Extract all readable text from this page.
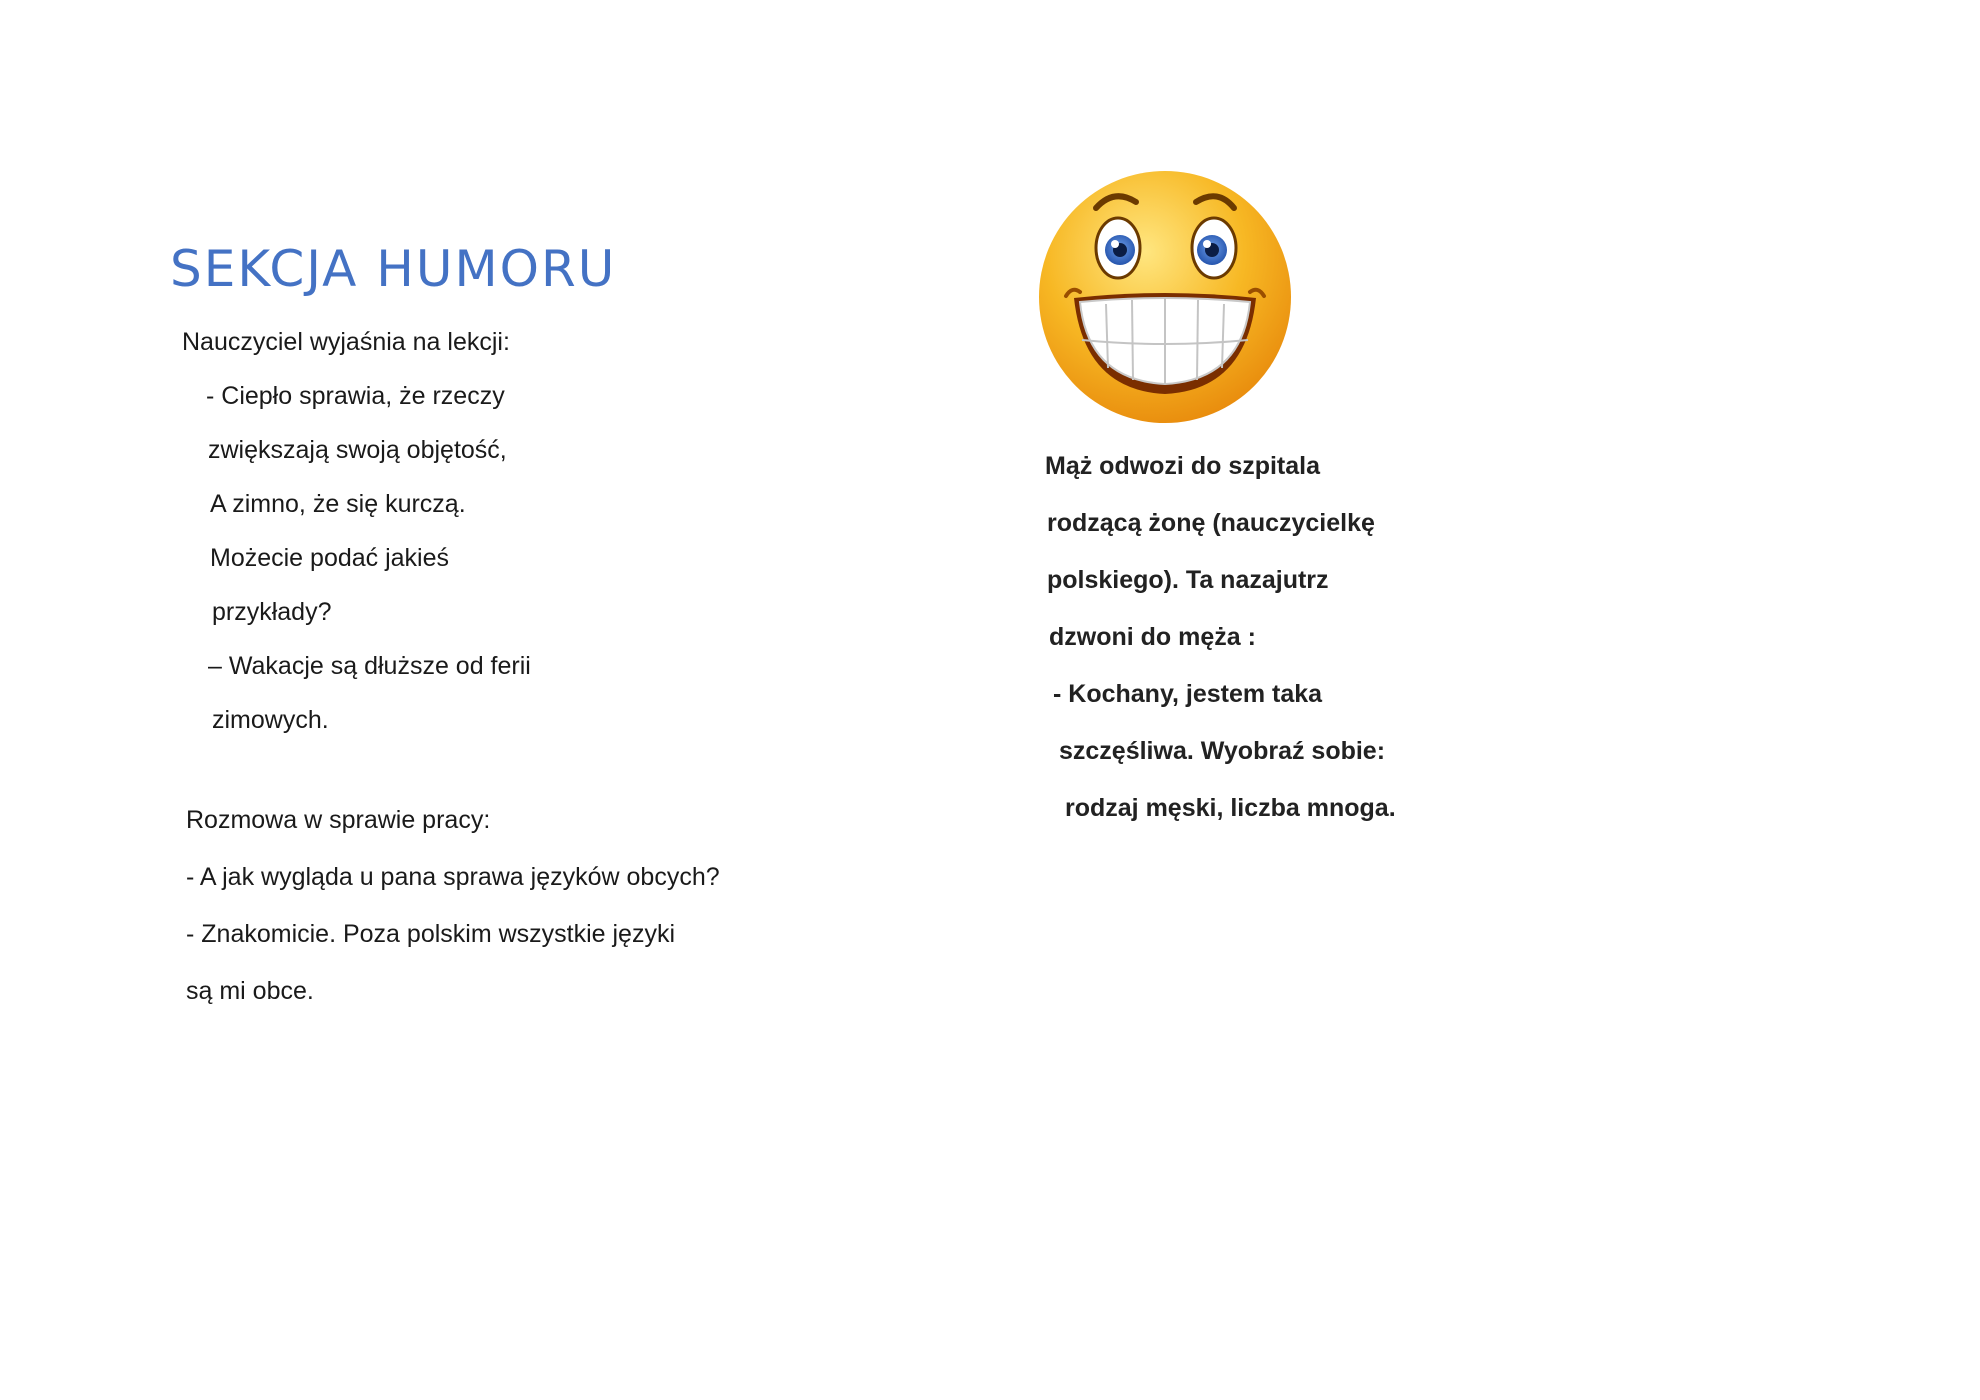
SEKCJA HUMORU
Nauczyciel wyjaśnia na lekcji:
- Ciepło sprawia, że rzeczy
zwiększają swoją objętość,
A zimno, że się kurczą.
Możecie podać jakieś
przykłady?
– Wakacje są dłuższe od ferii
zimowych.
Rozmowa w sprawie pracy:
- A jak wygląda u pana sprawa języków obcych?
- Znakomicie. Poza polskim wszystkie języki
są mi obce.
Mąż odwozi do szpitala
rodzącą żonę (nauczycielkę
polskiego). Ta nazajutrz
dzwoni do męża :
- Kochany, jestem taka
szczęśliwa. Wyobraź sobie:
rodzaj męski, liczba mnoga.
